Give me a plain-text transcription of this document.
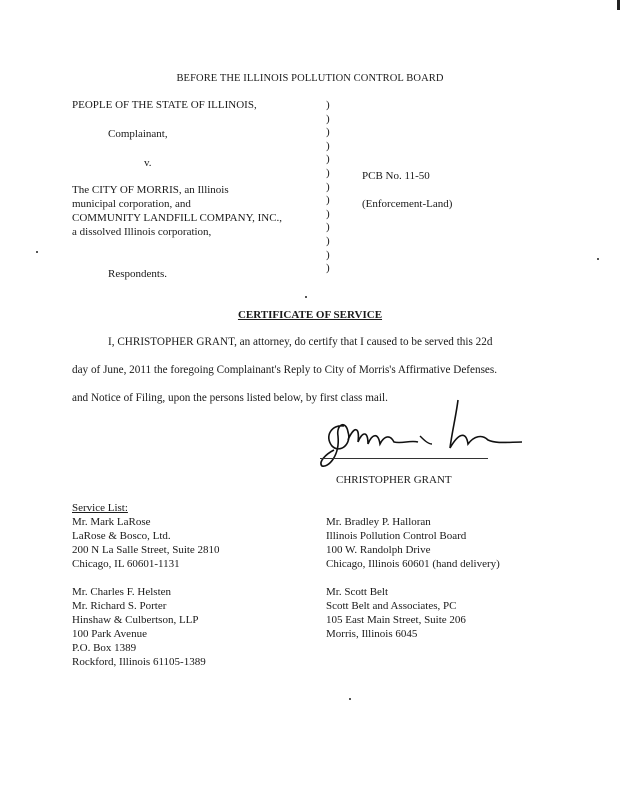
BEFORE THE ILLINOIS POLLUTION CONTROL BOARD
PEOPLE OF THE STATE OF ILLINOIS,
Complainant,
v.
The CITY OF MORRIS, an Illinois
municipal corporation, and
COMMUNITY LANDFILL COMPANY, INC.,
a dissolved Illinois corporation,
Respondents.
)
)
)
)
)
)
)
)
)
)
)
)
)
PCB No. 11-50
(Enforcement-Land)
CERTIFICATE OF SERVICE
I, CHRISTOPHER GRANT, an attorney, do certify that I caused to be served this 22d
day of June, 2011 the foregoing Complainant's Reply to City of Morris's Affirmative Defenses.
and Notice of Filing, upon the persons listed below, by first class mail.
CHRISTOPHER GRANT
Service List:
Mr. Mark LaRose
LaRose & Bosco, Ltd.
200 N La Salle Street, Suite 2810
Chicago, IL 60601-1131
Mr. Charles F. Helsten
Mr. Richard S. Porter
Hinshaw & Culbertson, LLP
100 Park Avenue
P.O. Box 1389
Rockford, Illinois 61105-1389
Mr. Bradley P. Halloran
Illinois Pollution Control Board
100 W. Randolph Drive
Chicago, Illinois 60601 (hand delivery)
Mr. Scott Belt
Scott Belt and Associates, PC
105 East Main Street, Suite 206
Morris, Illinois 6045
